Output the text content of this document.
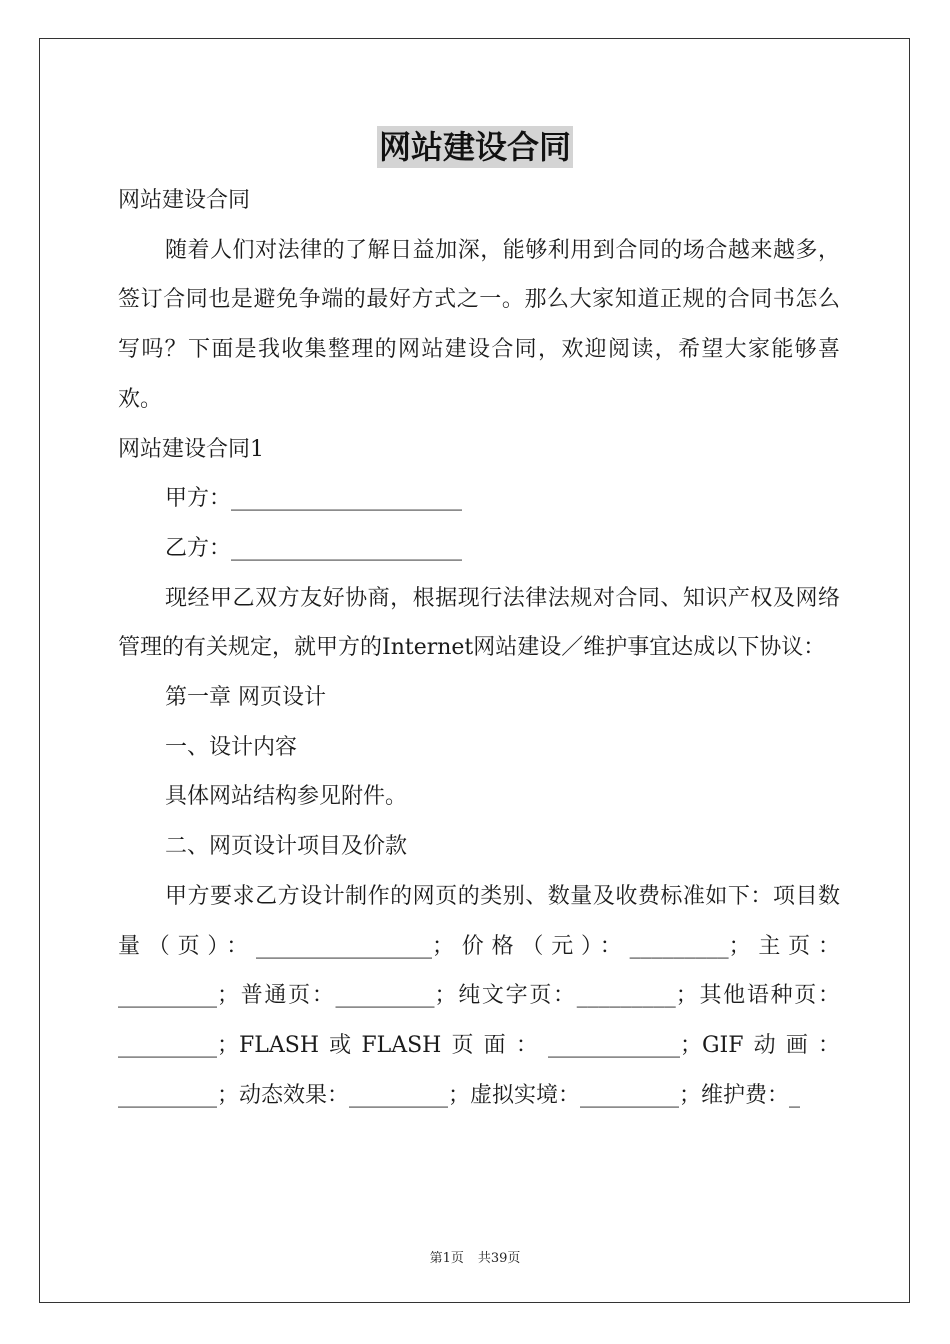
网站建设合同

网站建设合同

随着人们对法律的了解日益加深，能够利用到合同的场合越来越多，签订合同也是避免争端的最好方式之一。那么大家知道正规的合同书怎么写吗？下面是我收集整理的网站建设合同，欢迎阅读，希望大家能够喜欢。

网站建设合同1

甲方：_____________________

乙方：_____________________

现经甲乙双方友好协商，根据现行法律法规对合同、知识产权及网络管理的有关规定，就甲方的Internet网站建设／维护事宜达成以下协议：

第一章 网页设计

一、设计内容

具体网站结构参见附件。

二、网页设计项目及价款

甲方要求乙方设计制作的网页的类别、数量及收费标准如下：项目数量（页）：________________；价格（元）：_________；主页：_________；普通页：_________；纯文字页：_________；其他语种页：_________；FLASH或FLASH页面：____________；GIF动画：_________；动态效果：_________；虚拟实境：_________；维护费：_

第1页 共39页
